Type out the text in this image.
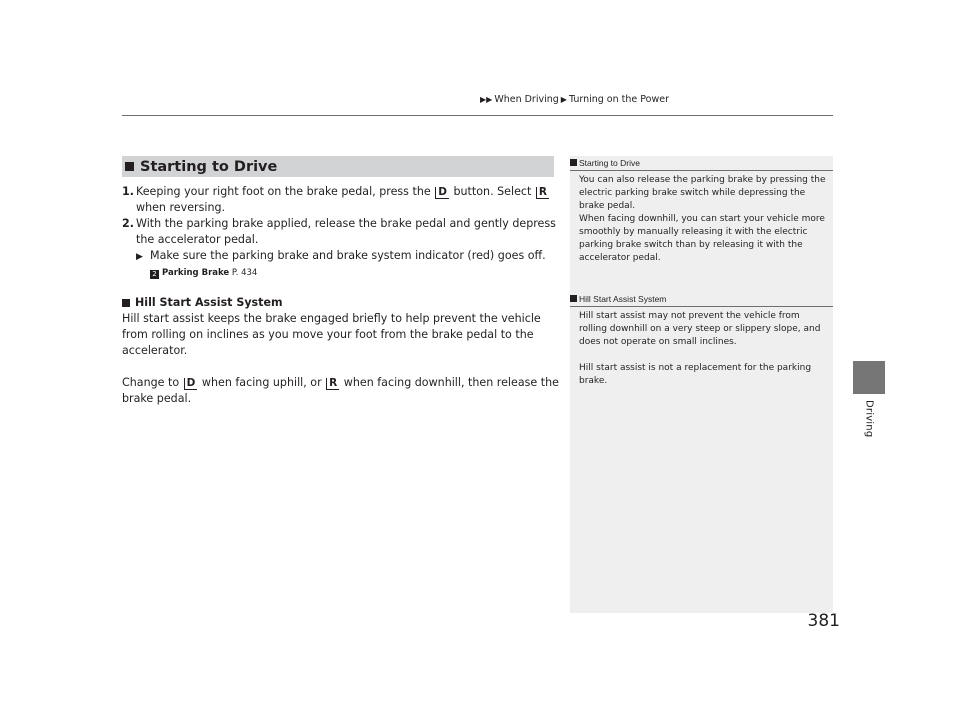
▶▶ When Driving ▶ Turning on the Power
Driving
Starting to Drive
1. Keeping your right foot on the brake pedal, press the D button. Select R when reversing.
2. With the parking brake applied, release the brake pedal and gently depress the accelerator pedal.
▶ Make sure the parking brake and brake system indicator (red) goes off.
2 Parking Brake P. 434
Hill Start Assist System
Hill start assist keeps the brake engaged briefly to help prevent the vehicle from rolling on inclines as you move your foot from the brake pedal to the accelerator.
Change to D when facing uphill, or R when facing downhill, then release the brake pedal.
Starting to Drive

You can also release the parking brake by pressing the electric parking brake switch while depressing the brake pedal.

When facing downhill, you can start your vehicle more smoothly by manually releasing it with the electric parking brake switch than by releasing it with the accelerator pedal.

Hill Start Assist System

Hill start assist may not prevent the vehicle from rolling downhill on a very steep or slippery slope, and does not operate on small inclines.

Hill start assist is not a replacement for the parking brake.

381
